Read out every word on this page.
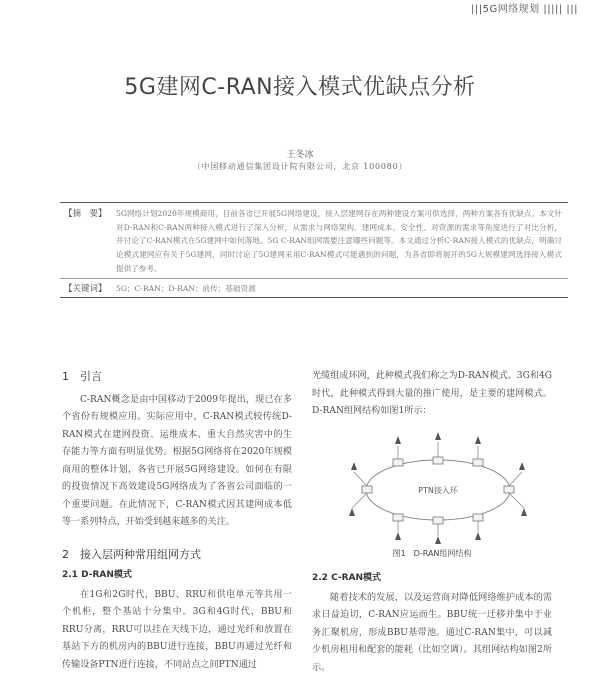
|||5G网络规划 ||||| |||
5G建网C-RAN接入模式优缺点分析
王冬冰
（中国移动通信集团设计院有限公司，北京 100080）
【摘　要】 5G网络计划2020年规模商用，目前各省已开展5G网络建设，接入层建网存在两种建设方案可供选择，两种方案各有优缺点。本文针对D-RAN和C-RAN两种接入模式进行了深入分析，从需求与网络架构、建网成本、安全性、对资源的需求等角度进行了对比分析，并讨论了C-RAN模式在5G建网中如何落地。5G C-RAN组网需要注意哪些问题等。本文通过分析C-RAN接入模式的优缺点，明确讨论模式建网应有关于5G建网，同时讨论了5G建网采用C-RAN模式可能遇到的问题，为各省即将展开的5G大规模建网选择接入模式提供了参考。
【关键词】 5G；C-RAN；D-RAN；前传；基础资源
1　引言

C-RAN概念是由中国移动于2009年提出，现已在多个省份有规模应用。实际应用中，C-RAN模式较传统D-RAN模式在建网投资、运维成本、重大自然灾害中的生存能力等方面有明显优势。根据5G网络将在2020年规模商用的整体计划，各省已开展5G网络建设。如何在有限的投资情况下高效建设5G网络成为了各省公司面临的一个重要问题。在此情况下，C-RAN模式因其建网成本低等一系列特点，开始受到越来越多的关注。

2　接入层两种常用组网方式
2.1 D-RAN模式

在1G和2G时代，BBU、RRU和供电单元等共用一个机柜，整个基站十分集中。3G和4G时代，BBU和RRU分离，RRU可以挂在天线下边，通过光纤和放置在基站下方的机房内的BBU进行连接，BBU再通过光纤和传输设备PTN进行连接，不同站点之间PTN通过

光缆组成环网，此种模式我们称之为D-RAN模式。3G和4G时代，此种模式得到大量的推广使用，是主要的建网模式。D-RAN组网结构如图1所示：

PTN接入环
图1　D-RAN组网结构
2.2 C-RAN模式

随着技术的发展，以及运营商对降低网络维护成本的需求日益迫切，C-RAN应运而生。BBU统一迁移并集中于业务汇聚机房，形成BBU基带池。通过C-RAN集中，可以减少机房租用和配套的能耗（比如空调）。其组网结构如图2所示。
